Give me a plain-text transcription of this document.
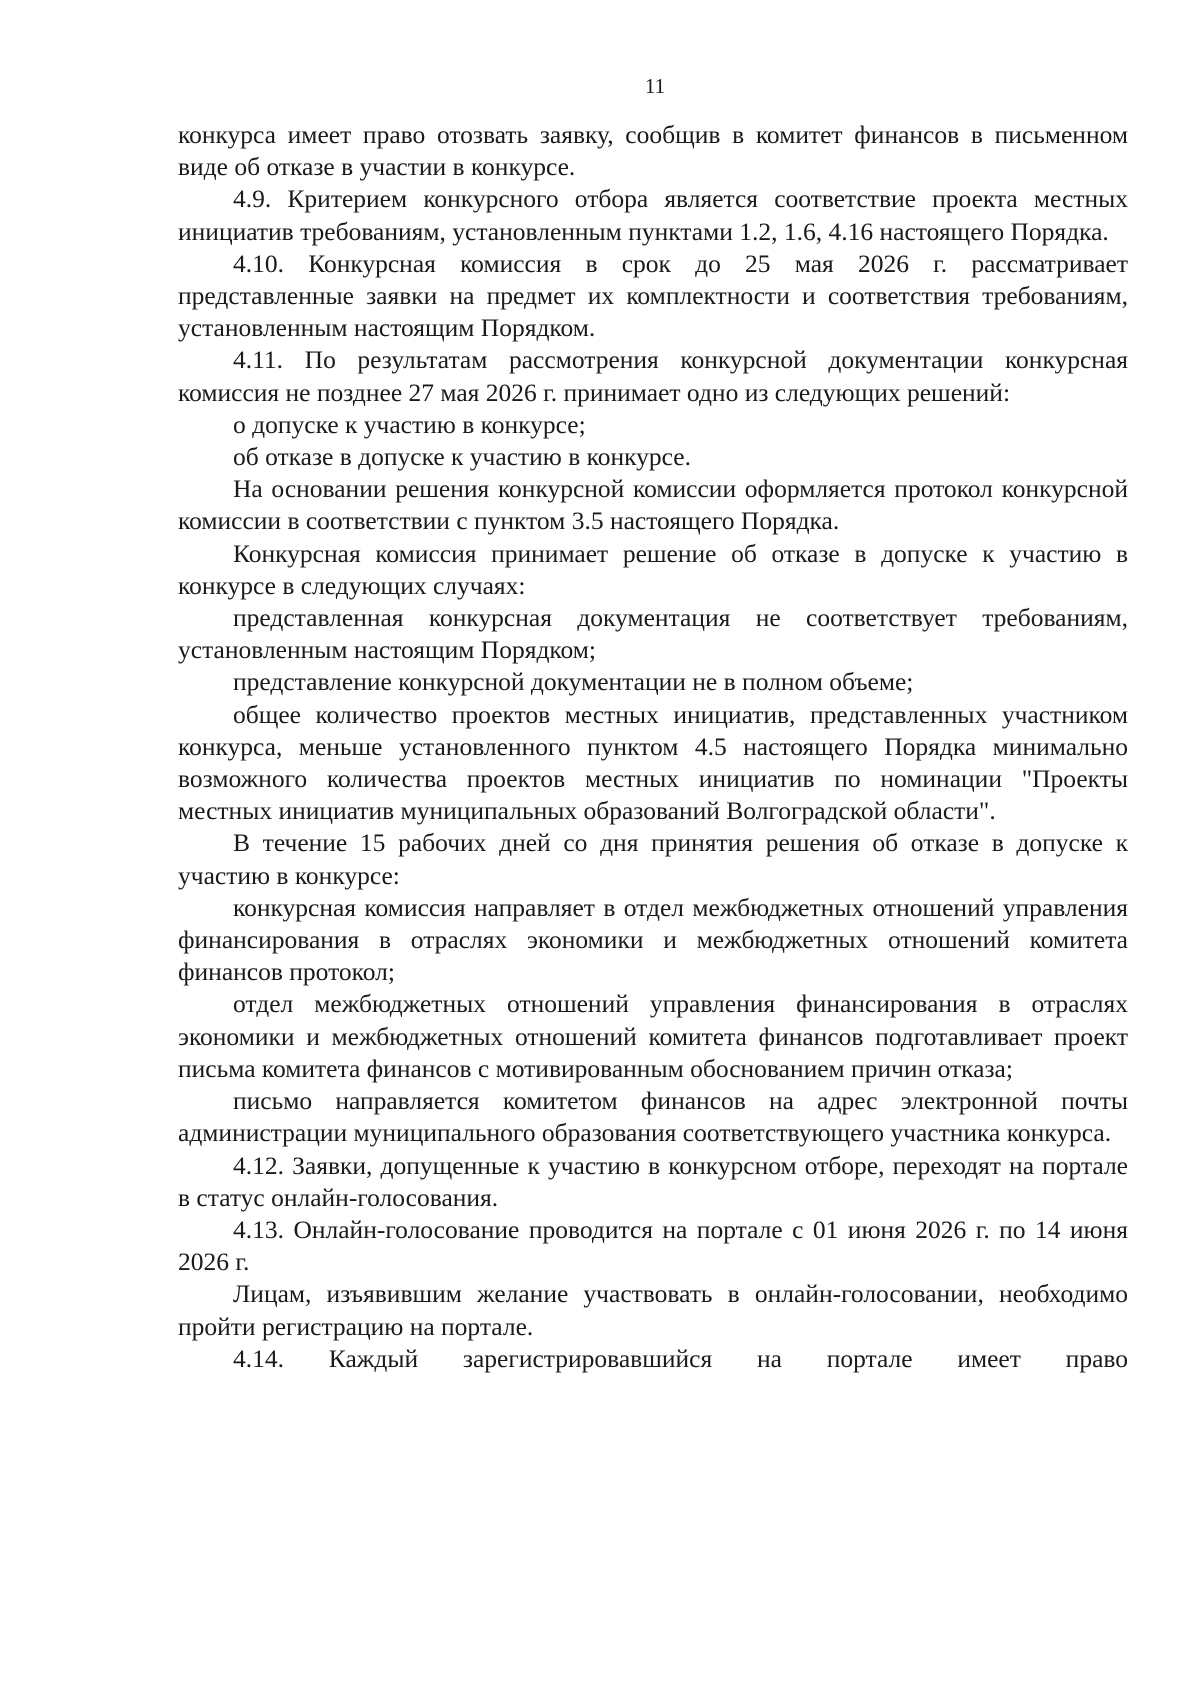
11

конкурса имеет право отозвать заявку, сообщив в комитет финансов в письменном виде об отказе в участии в конкурсе.

4.9. Критерием конкурсного отбора является соответствие проекта местных инициатив требованиям, установленным пунктами 1.2, 1.6, 4.16 настоящего Порядка.

4.10. Конкурсная комиссия в срок до 25 мая 2026 г. рассматривает представленные заявки на предмет их комплектности и соответствия требованиям, установленным настоящим Порядком.

4.11. По результатам рассмотрения конкурсной документации конкурсная комиссия не позднее 27 мая 2026 г. принимает одно из следующих решений:

о допуске к участию в конкурсе;

об отказе в допуске к участию в конкурсе.

На основании решения конкурсной комиссии оформляется протокол конкурсной комиссии в соответствии с пунктом 3.5 настоящего Порядка.

Конкурсная комиссия принимает решение об отказе в допуске к участию в конкурсе в следующих случаях:

представленная конкурсная документация не соответствует требованиям, установленным настоящим Порядком;

представление конкурсной документации не в полном объеме;

общее количество проектов местных инициатив, представленных участником конкурса, меньше установленного пунктом 4.5 настоящего Порядка минимально возможного количества проектов местных инициатив по номинации "Проекты местных инициатив муниципальных образований Волгоградской области".

В течение 15 рабочих дней со дня принятия решения об отказе в допуске к участию в конкурсе:

конкурсная комиссия направляет в отдел межбюджетных отношений управления финансирования в отраслях экономики и межбюджетных отношений комитета финансов протокол;

отдел межбюджетных отношений управления финансирования в отраслях экономики и межбюджетных отношений комитета финансов подготавливает проект письма комитета финансов с мотивированным обоснованием причин отказа;

письмо направляется комитетом финансов на адрес электронной почты администрации муниципального образования соответствующего участника конкурса.

4.12. Заявки, допущенные к участию в конкурсном отборе, переходят на портале в статус онлайн-голосования.

4.13. Онлайн-голосование проводится на портале с 01 июня 2026 г. по 14 июня 2026 г.

Лицам, изъявившим желание участвовать в онлайн-голосовании, необходимо пройти регистрацию на портале.

4.14. Каждый зарегистрировавшийся на портале имеет право
